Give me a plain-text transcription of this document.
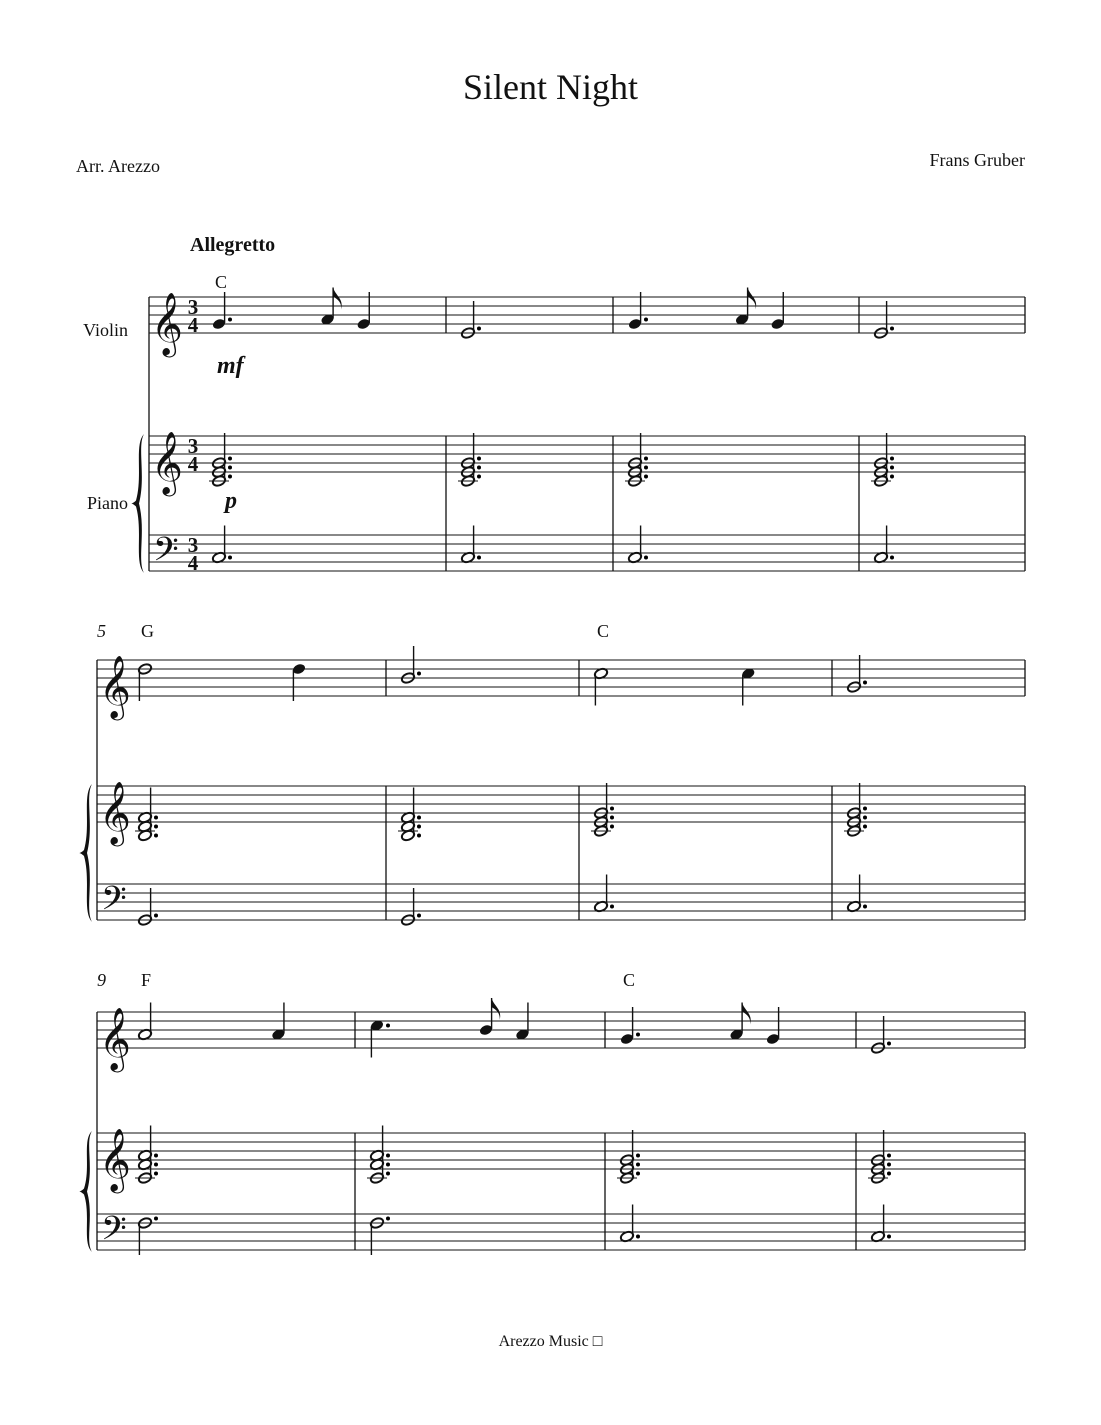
Silent Night
Arr. Arezzo	Frans Gruber
Allegretto
Violin
Piano
𝄞
𝄞
𝄢
3
4
3
4
3
4
mf
p
C
𝄞
𝄞
𝄢
5 G	C
𝄞
𝄞
𝄢
9 F	C
Arezzo Music □
